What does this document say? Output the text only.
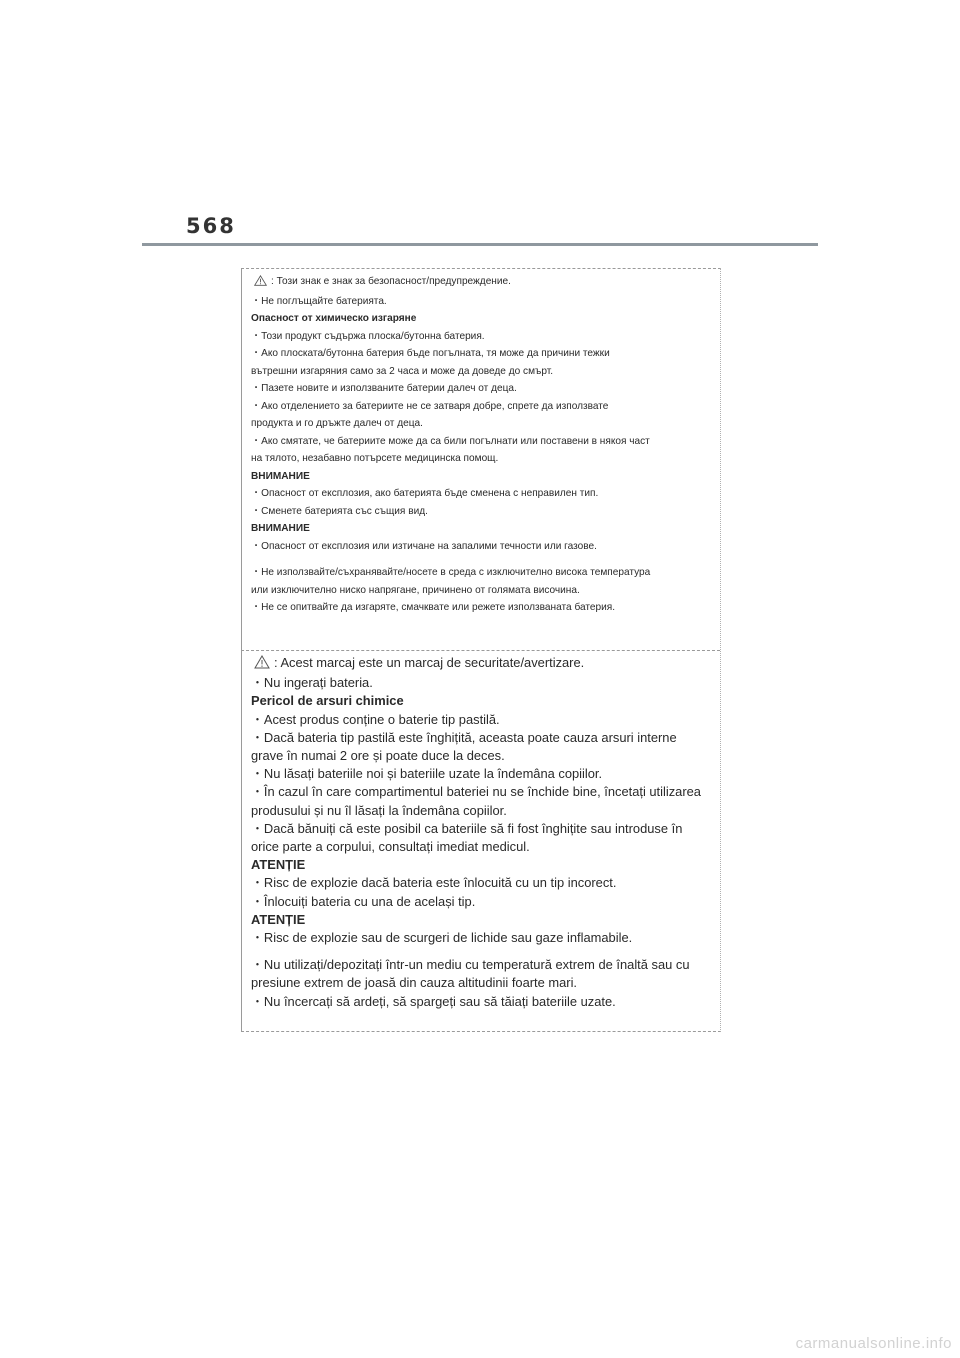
568
: Този знак е знак за безопасност/предупреждение.
・Не поглъщайте батерията.
Опасност от химическо изгаряне
・Този продукт съдържа плоска/бутонна батерия.
・Ако плоската/бутонна батерия бъде погълната, тя може да причини тежки
вътрешни изгаряния само за 2 часа и може да доведе до смърт.
・Пазете новите и използваните батерии далеч от деца.
・Ако отделението за батериите не се затваря добре, спрете да използвате
продукта и го дръжте далеч от деца.
・Ако смятате, че батериите може да са били погълнати или поставени в някоя част
на тялото, незабавно потърсете медицинска помощ.
ВНИМАНИЕ
・Опасност от експлозия, ако батерията бъде сменена с неправилен тип.
・Сменете батерията със същия вид.
ВНИМАНИЕ
・Опасност от експлозия или изтичане на запалими течности или газове.
・Не използвайте/съхранявайте/носете в среда с изключително висока температура
или изключително ниско напрягане, причинено от голямата височина.
・Не се опитвайте да изгаряте, смачквате или режете използваната батерия.
: Acest marcaj este un marcaj de securitate/avertizare.
・Nu ingerați bateria.
Pericol de arsuri chimice
・Acest produs conține o baterie tip pastilă.
・Dacă bateria tip pastilă este înghițită, aceasta poate cauza arsuri interne
grave în numai 2 ore și poate duce la deces.
・Nu lăsați bateriile noi și bateriile uzate la îndemâna copiilor.
・În cazul în care compartimentul bateriei nu se închide bine, încetați utilizarea
produsului și nu îl lăsați la îndemâna copiilor.
・Dacă bănuiți că este posibil ca bateriile să fi fost înghițite sau introduse în
orice parte a corpului, consultați imediat medicul.
ATENȚIE
・Risc de explozie dacă bateria este înlocuită cu un tip incorect.
・Înlocuiți bateria cu una de același tip.
ATENȚIE
・Risc de explozie sau de scurgeri de lichide sau gaze inflamabile.
・Nu utilizați/depozitați într-un mediu cu temperatură extrem de înaltă sau cu
presiune extrem de joasă din cauza altitudinii foarte mari.
・Nu încercați să ardeți, să spargeți sau să tăiați bateriile uzate.
carmanualsonline.info
